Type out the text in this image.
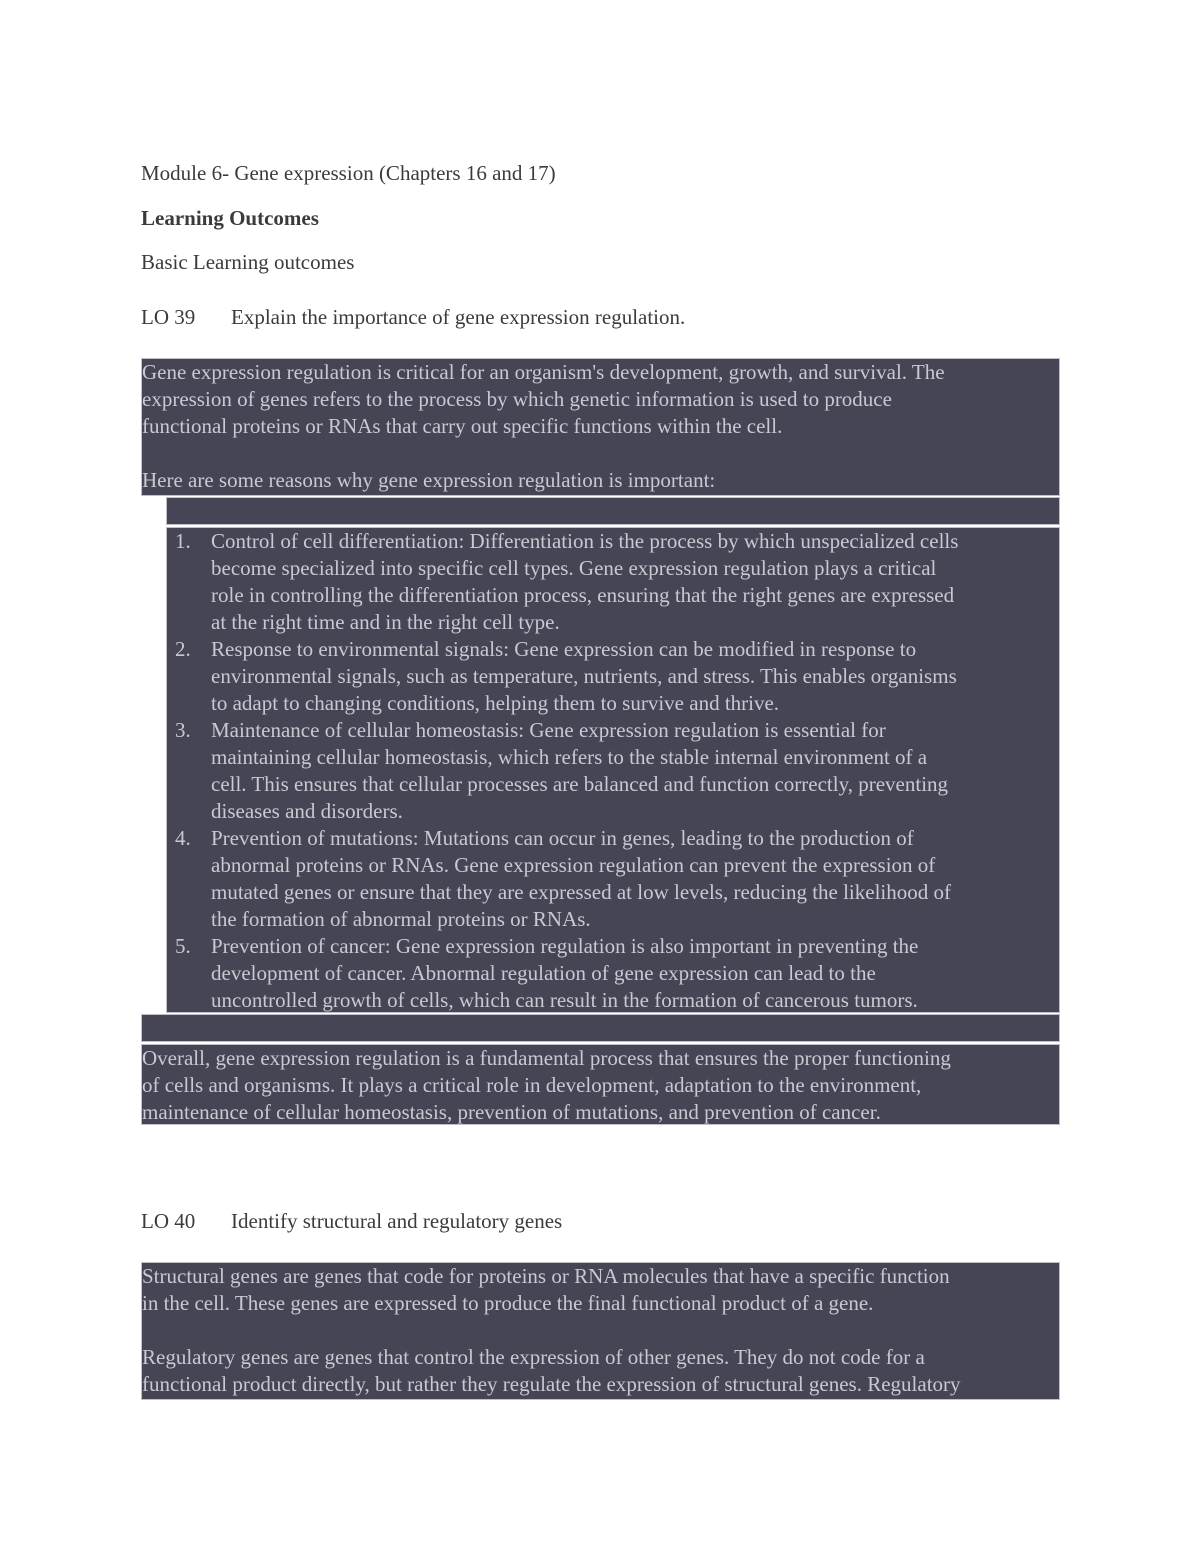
Module 6- Gene expression (Chapters 16 and 17)
Learning Outcomes
Basic Learning outcomes
LO 39 Explain the importance of gene expression regulation.
Gene expression regulation is critical for an organism's development, growth, and survival. The
expression of genes refers to the process by which genetic information is used to produce
functional proteins or RNAs that carry out specific functions within the cell.
Here are some reasons why gene expression regulation is important:
1. Control of cell differentiation: Differentiation is the process by which unspecialized cells
become specialized into specific cell types. Gene expression regulation plays a critical
role in controlling the differentiation process, ensuring that the right genes are expressed
at the right time and in the right cell type.
2. Response to environmental signals: Gene expression can be modified in response to
environmental signals, such as temperature, nutrients, and stress. This enables organisms
to adapt to changing conditions, helping them to survive and thrive.
3. Maintenance of cellular homeostasis: Gene expression regulation is essential for
maintaining cellular homeostasis, which refers to the stable internal environment of a
cell. This ensures that cellular processes are balanced and function correctly, preventing
diseases and disorders.
4. Prevention of mutations: Mutations can occur in genes, leading to the production of
abnormal proteins or RNAs. Gene expression regulation can prevent the expression of
mutated genes or ensure that they are expressed at low levels, reducing the likelihood of
the formation of abnormal proteins or RNAs.
5. Prevention of cancer: Gene expression regulation is also important in preventing the
development of cancer. Abnormal regulation of gene expression can lead to the
uncontrolled growth of cells, which can result in the formation of cancerous tumors.
Overall, gene expression regulation is a fundamental process that ensures the proper functioning
of cells and organisms. It plays a critical role in development, adaptation to the environment,
maintenance of cellular homeostasis, prevention of mutations, and prevention of cancer.
LO 40 Identify structural and regulatory genes
Structural genes are genes that code for proteins or RNA molecules that have a specific function
in the cell. These genes are expressed to produce the final functional product of a gene.
Regulatory genes are genes that control the expression of other genes. They do not code for a
functional product directly, but rather they regulate the expression of structural genes. Regulatory
